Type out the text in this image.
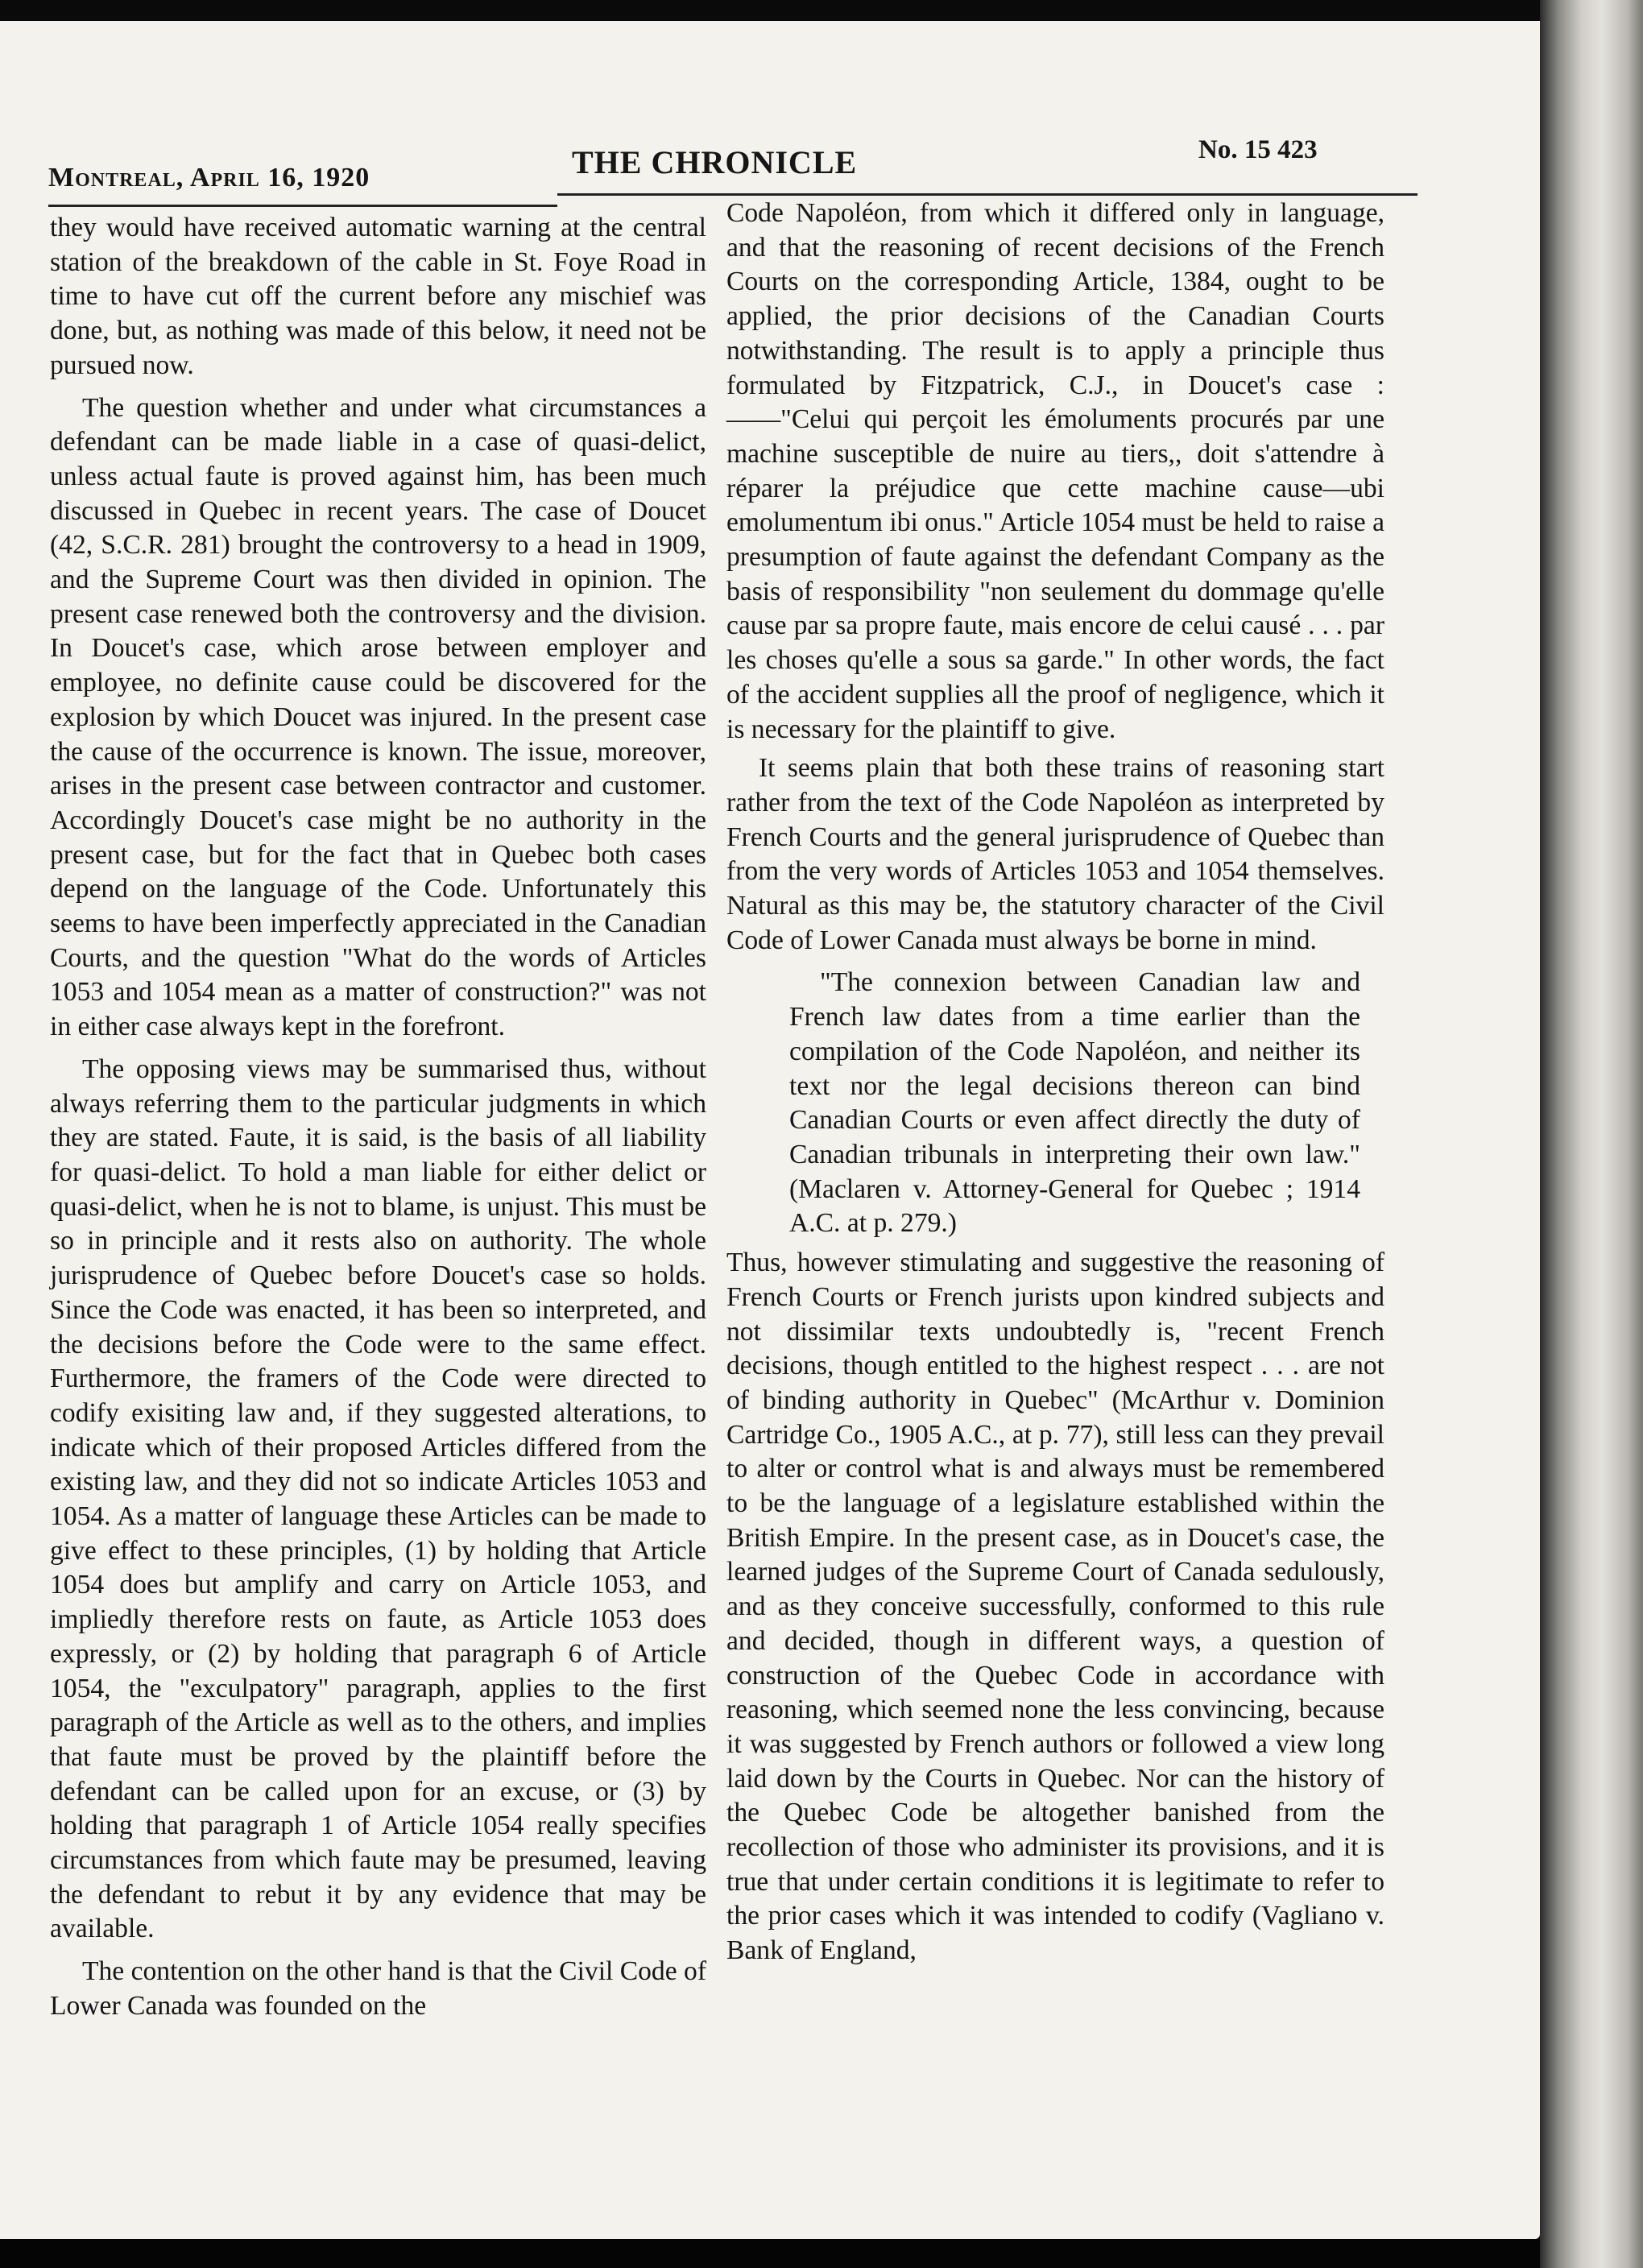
Montreal, April 16, 1920	THE CHRONICLE	No. 15 423

they would have received automatic warning at the central station of the breakdown of the cable in St. Foye Road in time to have cut off the current before any mischief was done, but, as nothing was made of this below, it need not be pursued now.

The question whether and under what circumstances a defendant can be made liable in a case of quasi-delict, unless actual faute is proved against him, has been much discussed in Quebec in recent years. The case of Doucet (42, S.C.R. 281) brought the controversy to a head in 1909, and the Supreme Court was then divided in opinion. The present case renewed both the controversy and the division. In Doucet's case, which arose between employer and employee, no definite cause could be discovered for the explosion by which Doucet was injured. In the present case the cause of the occurrence is known. The issue, moreover, arises in the present case between contractor and customer. Accordingly Doucet's case might be no authority in the present case, but for the fact that in Quebec both cases depend on the language of the Code. Unfortunately this seems to have been imperfectly appreciated in the Canadian Courts, and the question "What do the words of Articles 1053 and 1054 mean as a matter of construction?" was not in either case always kept in the forefront.

The opposing views may be summarised thus, without always referring them to the particular judgments in which they are stated. Faute, it is said, is the basis of all liability for quasi-delict. To hold a man liable for either delict or quasi-delict, when he is not to blame, is unjust. This must be so in principle and it rests also on authority. The whole jurisprudence of Quebec before Doucet's case so holds. Since the Code was enacted, it has been so interpreted, and the decisions before the Code were to the same effect. Furthermore, the framers of the Code were directed to codify exisiting law and, if they suggested alterations, to indicate which of their proposed Articles differed from the existing law, and they did not so indicate Articles 1053 and 1054. As a matter of language these Articles can be made to give effect to these principles, (1) by holding that Article 1054 does but amplify and carry on Article 1053, and impliedly therefore rests on faute, as Article 1053 does expressly, or (2) by holding that paragraph 6 of Article 1054, the "exculpatory" paragraph, applies to the first paragraph of the Article as well as to the others, and implies that faute must be proved by the plaintiff before the defendant can be called upon for an excuse, or (3) by holding that paragraph 1 of Article 1054 really specifies circumstances from which faute may be presumed, leaving the defendant to rebut it by any evidence that may be available.

The contention on the other hand is that the Civil Code of Lower Canada was founded on the

Code Napoléon, from which it differed only in language, and that the reasoning of recent decisions of the French Courts on the corresponding Article, 1384, ought to be applied, the prior decisions of the Canadian Courts notwithstanding. The result is to apply a principle thus formulated by Fitzpatrick, C.J., in Doucet's case :——"Celui qui perçoit les émoluments procurés par une machine susceptible de nuire au tiers,, doit s'attendre à réparer la préjudice que cette machine cause—ubi emolumentum ibi onus." Article 1054 must be held to raise a presumption of faute against the defendant Company as the basis of responsibility "non seulement du dommage qu'elle cause par sa propre faute, mais encore de celui causé . . . par les choses qu'elle a sous sa garde." In other words, the fact of the accident supplies all the proof of negligence, which it is necessary for the plaintiff to give.

It seems plain that both these trains of reasoning start rather from the text of the Code Napoléon as interpreted by French Courts and the general jurisprudence of Quebec than from the very words of Articles 1053 and 1054 themselves. Natural as this may be, the statutory character of the Civil Code of Lower Canada must always be borne in mind.

"The connexion between Canadian law and French law dates from a time earlier than the compilation of the Code Napoléon, and neither its text nor the legal decisions thereon can bind Canadian Courts or even affect directly the duty of Canadian tribunals in interpreting their own law." (Maclaren v. Attorney-General for Quebec ; 1914 A.C. at p. 279.)

Thus, however stimulating and suggestive the reasoning of French Courts or French jurists upon kindred subjects and not dissimilar texts undoubtedly is, "recent French decisions, though entitled to the highest respect . . . are not of binding authority in Quebec" (McArthur v. Dominion Cartridge Co., 1905 A.C., at p. 77), still less can they prevail to alter or control what is and always must be remembered to be the language of a legislature established within the British Empire. In the present case, as in Doucet's case, the learned judges of the Supreme Court of Canada sedulously, and as they conceive successfully, conformed to this rule and decided, though in different ways, a question of construction of the Quebec Code in accordance with reasoning, which seemed none the less convincing, because it was suggested by French authors or followed a view long laid down by the Courts in Quebec. Nor can the history of the Quebec Code be altogether banished from the recollection of those who administer its provisions, and it is true that under certain conditions it is legitimate to refer to the prior cases which it was intended to codify (Vagliano v. Bank of England,
